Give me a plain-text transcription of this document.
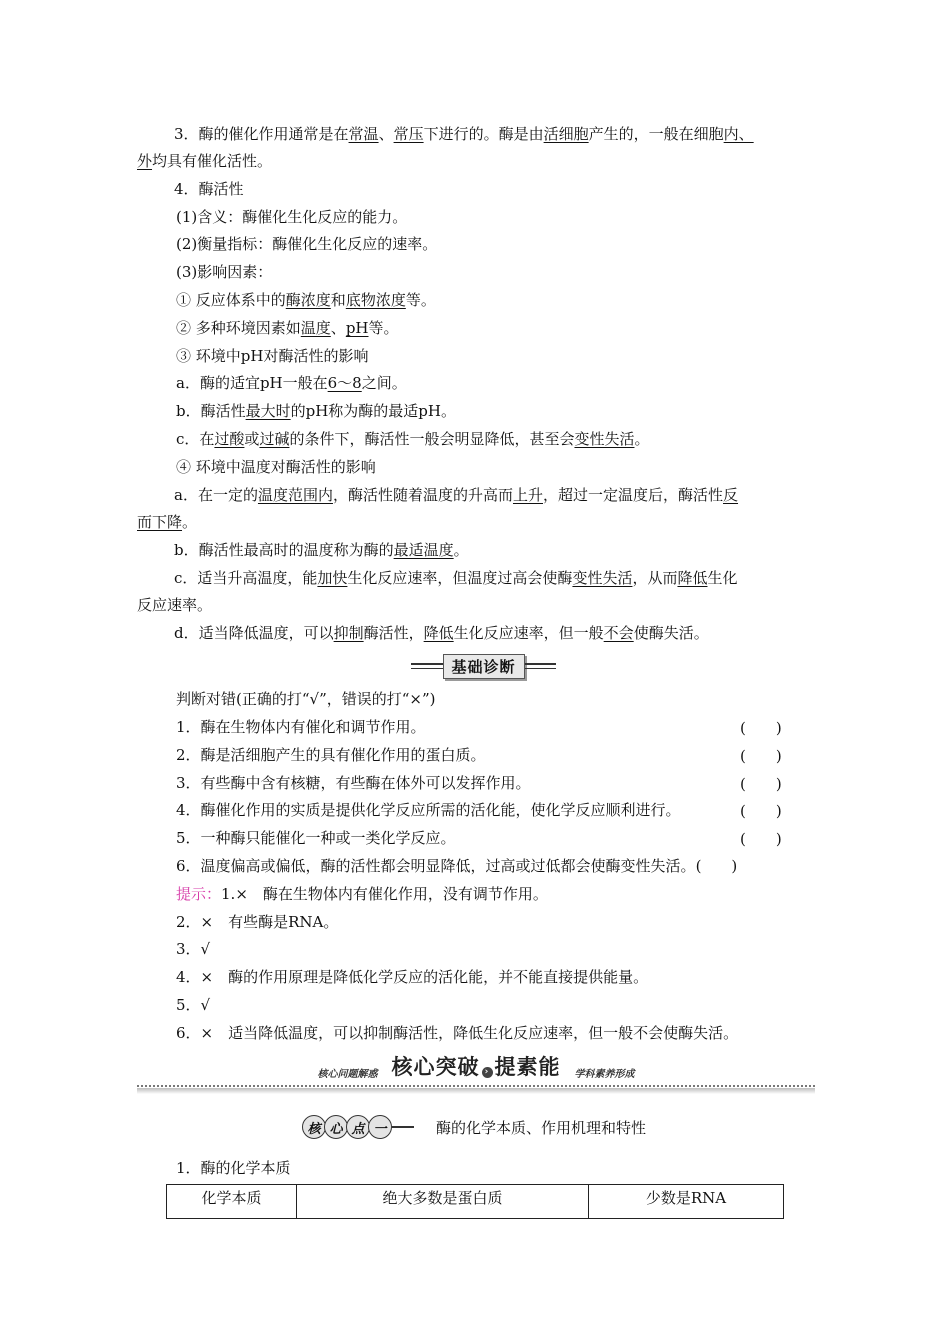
3．酶的催化作用通常是在常温、常压下进行的。酶是由活细胞产生的，一般在细胞内、
外均具有催化活性。
4．酶活性
(1)含义：酶催化生化反应的能力。
(2)衡量指标：酶催化生化反应的速率。
(3)影响因素：
① 反应体系中的酶浓度和底物浓度等。
② 多种环境因素如温度、pH等。
③ 环境中pH对酶活性的影响
a．酶的适宜pH一般在6～8之间。
b．酶活性最大时的pH称为酶的最适pH。
c．在过酸或过碱的条件下，酶活性一般会明显降低，甚至会变性失活。
④ 环境中温度对酶活性的影响
a．在一定的温度范围内，酶活性随着温度的升高而上升，超过一定温度后，酶活性反
而下降。
b．酶活性最高时的温度称为酶的最适温度。
c．适当升高温度，能加快生化反应速率，但温度过高会使酶变性失活，从而降低生化
反应速率。
d．适当降低温度，可以抑制酶活性，降低生化反应速率，但一般不会使酶失活。
基础诊断
判断对错(正确的打“√”，错误的打“×”)
1．酶在生物体内有催化和调节作用。	(　　)
2．酶是活细胞产生的具有催化作用的蛋白质。	(　　)
3．有些酶中含有核糖，有些酶在体外可以发挥作用。	(　　)
4．酶催化作用的实质是提供化学反应所需的活化能，使化学反应顺利进行。	(　　)
5．一种酶只能催化一种或一类化学反应。	(　　)
6．温度偏高或偏低，酶的活性都会明显降低，过高或过低都会使酶变性失活。(　　)
提示：1.×　酶在生物体内有催化作用，没有调节作用。
2．×　有些酶是RNA。
3．√
4．×　酶的作用原理是降低化学反应的活化能，并不能直接提供能量。
5．√
6．×　适当降低温度，可以抑制酶活性，降低生化反应速率，但一般不会使酶失活。
核心问题解惑 核心突破 › 提素能 学科素养形成
核 心 点 一	酶的化学本质、作用机理和特性
1．酶的化学本质
化学本质	绝大多数是蛋白质	少数是RNA
